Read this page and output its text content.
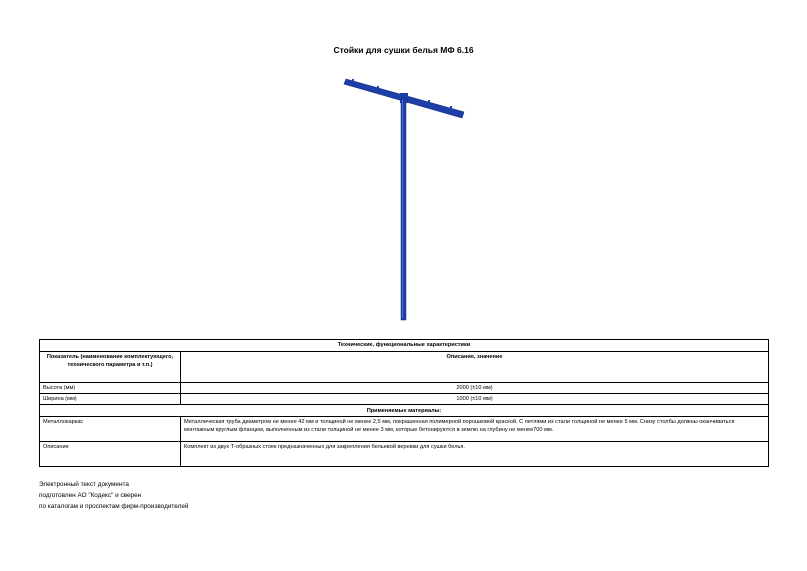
Стойки для сушки белья МФ 6.16
Технические, функциональные характеристики	
Показатель (наименование комплектующего, технического параметра и т.п.)	Описание, значение
Высота (мм)	2000 (±10 мм)
Ширина (мм)	1000 (±10 мм)
Применяемые материалы:	
Металлокаркас	Металлическая труба диаметром не менее 42 мм и толщиной не менее 2,5 мм, покрашенная полимерной порошковой краской. С петлями из стали толщиной не менее 5 мм. Снизу столбы должны оканчиваться монтажным круглым фланцем, выполненным из стали толщиной не менее 3 мм, которые бетонируются в землю на глубину не менее700 мм.
Описание	Комплект из двух Т-образных стоек предназначенных для закрепления бельевой веревки для сушки белья.
Электронный текст документа
подготовлен АО "Кодекс" и сверен
по каталогам и проспектам фирм-производителей
